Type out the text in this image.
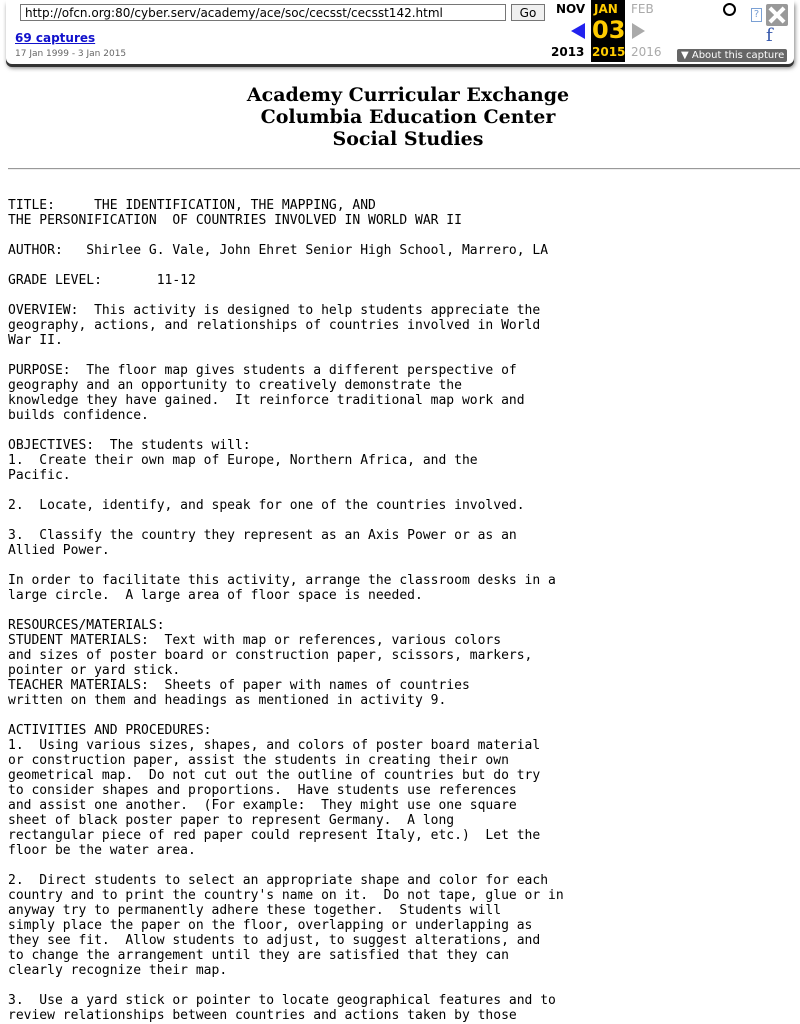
http://ofcn.org:80/cyber.serv/academy/ace/soc/cecsst/cecsst142.html
Go
69 captures
17 Jan 1999 - 3 Jan 2015
NOV JAN FEB
03
2013 2015 2016
?
f
▼ About this capture
Academy Curricular Exchange
Columbia Education Center
Social Studies
TITLE:     THE IDENTIFICATION, THE MAPPING, AND
THE PERSONIFICATION  OF COUNTRIES INVOLVED IN WORLD WAR II

AUTHOR:   Shirlee G. Vale, John Ehret Senior High School, Marrero, LA

GRADE LEVEL:       11-12

OVERVIEW:  This activity is designed to help students appreciate the
geography, actions, and relationships of countries involved in World
War II.

PURPOSE:  The floor map gives students a different perspective of
geography and an opportunity to creatively demonstrate the
knowledge they have gained.  It reinforce traditional map work and
builds confidence.

OBJECTIVES:  The students will:
1.  Create their own map of Europe, Northern Africa, and the
Pacific.

2.  Locate, identify, and speak for one of the countries involved.

3.  Classify the country they represent as an Axis Power or as an
Allied Power.

In order to facilitate this activity, arrange the classroom desks in a
large circle.  A large area of floor space is needed.

RESOURCES/MATERIALS:
STUDENT MATERIALS:  Text with map or references, various colors
and sizes of poster board or construction paper, scissors, markers,
pointer or yard stick.
TEACHER MATERIALS:  Sheets of paper with names of countries
written on them and headings as mentioned in activity 9.

ACTIVITIES AND PROCEDURES:
1.  Using various sizes, shapes, and colors of poster board material
or construction paper, assist the students in creating their own
geometrical map.  Do not cut out the outline of countries but do try
to consider shapes and proportions.  Have students use references
and assist one another.  (For example:  They might use one square
sheet of black poster paper to represent Germany.  A long
rectangular piece of red paper could represent Italy, etc.)  Let the
floor be the water area.

2.  Direct students to select an appropriate shape and color for each
country and to print the country's name on it.  Do not tape, glue or in
anyway try to permanently adhere these together.  Students will
simply place the paper on the floor, overlapping or underlapping as
they see fit.  Allow students to adjust, to suggest alterations, and
to change the arrangement until they are satisfied that they can
clearly recognize their map.

3.  Use a yard stick or pointer to locate geographical features and to
review relationships between countries and actions taken by those
